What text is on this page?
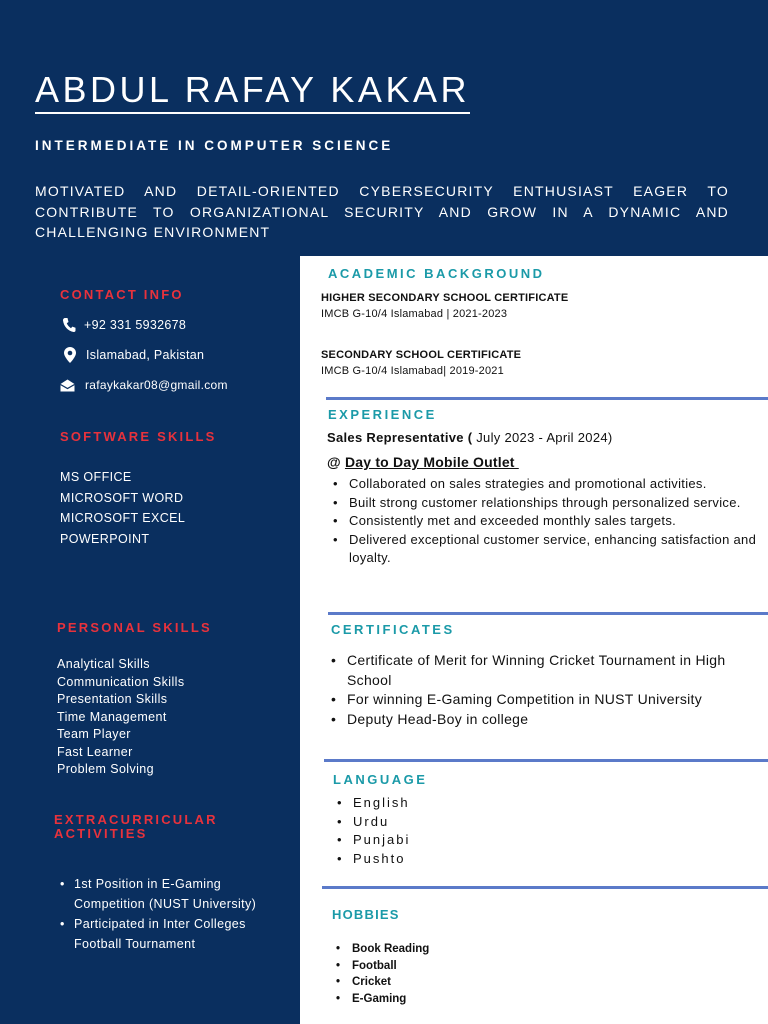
ABDUL RAFAY KAKAR
INTERMEDIATE IN COMPUTER SCIENCE
MOTIVATED AND DETAIL-ORIENTED CYBERSECURITY ENTHUSIAST EAGER TO CONTRIBUTE TO ORGANIZATIONAL SECURITY AND GROW IN A DYNAMIC AND CHALLENGING ENVIRONMENT
CONTACT INFO
+92 331 5932678
Islamabad, Pakistan
rafaykakar08@gmail.com
SOFTWARE SKILLS
MS OFFICE
MICROSOFT WORD
MICROSOFT EXCEL
POWERPOINT
PERSONAL SKILLS
Analytical Skills
Communication Skills
Presentation Skills
Time Management
Team Player
Fast Learner
Problem Solving
EXTRACURRICULAR
ACTIVITIES
• 1st Position in E-Gaming Competition (NUST University)
• Participated in Inter Colleges Football Tournament
ACADEMIC BACKGROUND
HIGHER SECONDARY SCHOOL CERTIFICATE
IMCB G-10/4 Islamabad | 2021-2023
SECONDARY SCHOOL CERTIFICATE
IMCB G-10/4 Islamabad| 2019-2021
EXPERIENCE
Sales Representative ( July 2023 - April 2024)
@ Day to Day Mobile Outlet
• Collaborated on sales strategies and promotional activities.
• Built strong customer relationships through personalized service.
• Consistently met and exceeded monthly sales targets.
• Delivered exceptional customer service, enhancing satisfaction and loyalty.
CERTIFICATES
• Certificate of Merit for Winning Cricket Tournament in High School
• For winning E-Gaming Competition in NUST University
• Deputy Head-Boy in college
LANGUAGE
• English
• Urdu
• Punjabi
• Pushto
HOBBIES
• Book Reading
• Football
• Cricket
• E-Gaming
